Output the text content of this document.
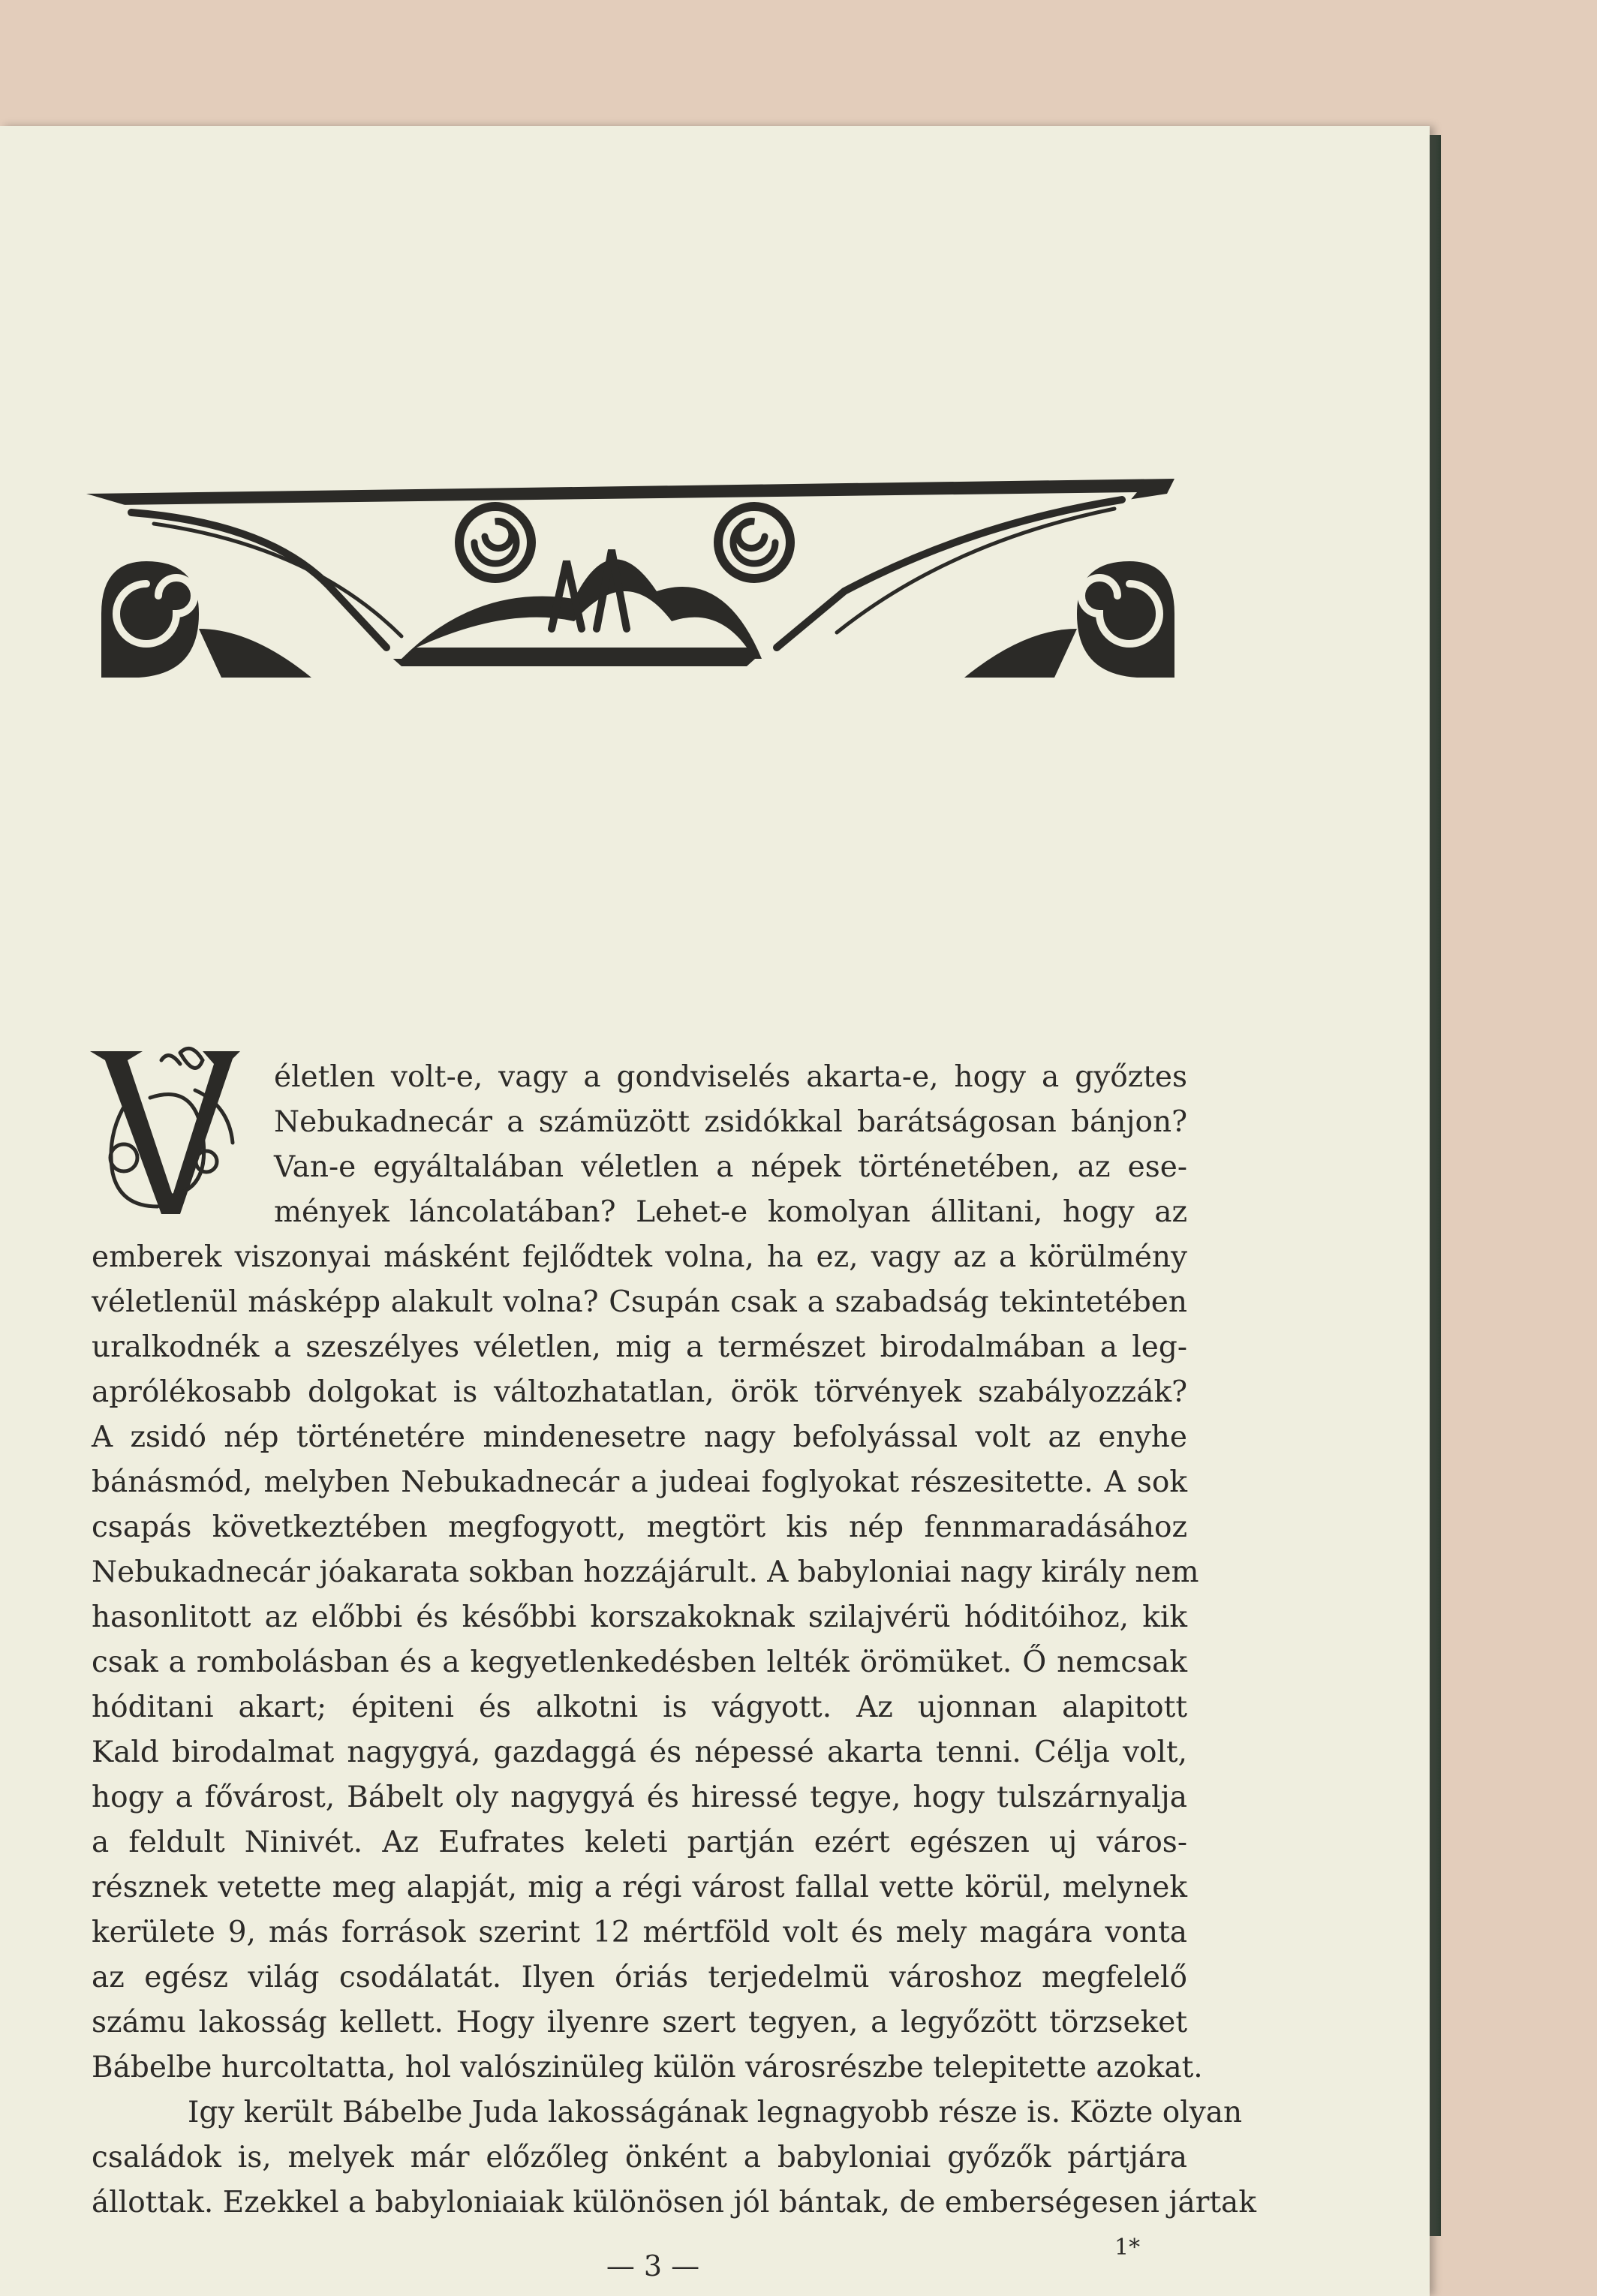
életlen volt-e, vagy a gondviselés akarta-e, hogy a győztes
Nebukadnecár a számüzött zsidókkal barátságosan bánjon?
Van-e egyáltalában véletlen a népek történetében, az ese-
mények láncolatában? Lehet-e komolyan állitani, hogy az
emberek viszonyai másként fejlődtek volna, ha ez, vagy az a körülmény
véletlenül másképp alakult volna? Csupán csak a szabadság tekintetében
uralkodnék a szeszélyes véletlen, mig a természet birodalmában a leg-
aprólékosabb dolgokat is változhatatlan, örök törvények szabályozzák?
A zsidó nép történetére mindenesetre nagy befolyással volt az enyhe
bánásmód, melyben Nebukadnecár a judeai foglyokat részesitette. A sok
csapás következtében megfogyott, megtört kis nép fennmaradásához
Nebukadnecár jóakarata sokban hozzájárult. A babyloniai nagy király nem
hasonlitott az előbbi és későbbi korszakoknak szilajvérü hóditóihoz, kik
csak a rombolásban és a kegyetlenkedésben lelték örömüket. Ő nemcsak
hóditani akart; épiteni és alkotni is vágyott. Az ujonnan alapitott
Kald birodalmat nagygyá, gazdaggá és népessé akarta tenni. Célja volt,
hogy a fővárost, Bábelt oly nagygyá és hiressé tegye, hogy tulszárnyalja
a feldult Ninivét. Az Eufrates keleti partján ezért egészen uj város-
résznek vetette meg alapját, mig a régi várost fallal vette körül, melynek
kerülete 9, más források szerint 12 mértföld volt és mely magára vonta
az egész világ csodálatát. Ilyen óriás terjedelmü városhoz megfelelő
számu lakosság kellett. Hogy ilyenre szert tegyen, a legyőzött törzseket
Bábelbe hurcoltatta, hol valószinüleg külön városrészbe telepitette azokat.
Igy került Bábelbe Juda lakosságának legnagyobb része is. Közte olyan
családok is, melyek már előzőleg önként a babyloniai győzők pártjára
állottak. Ezekkel a babyloniaiak különösen jól bántak, de emberségesen jártak
— 3 —
1*
